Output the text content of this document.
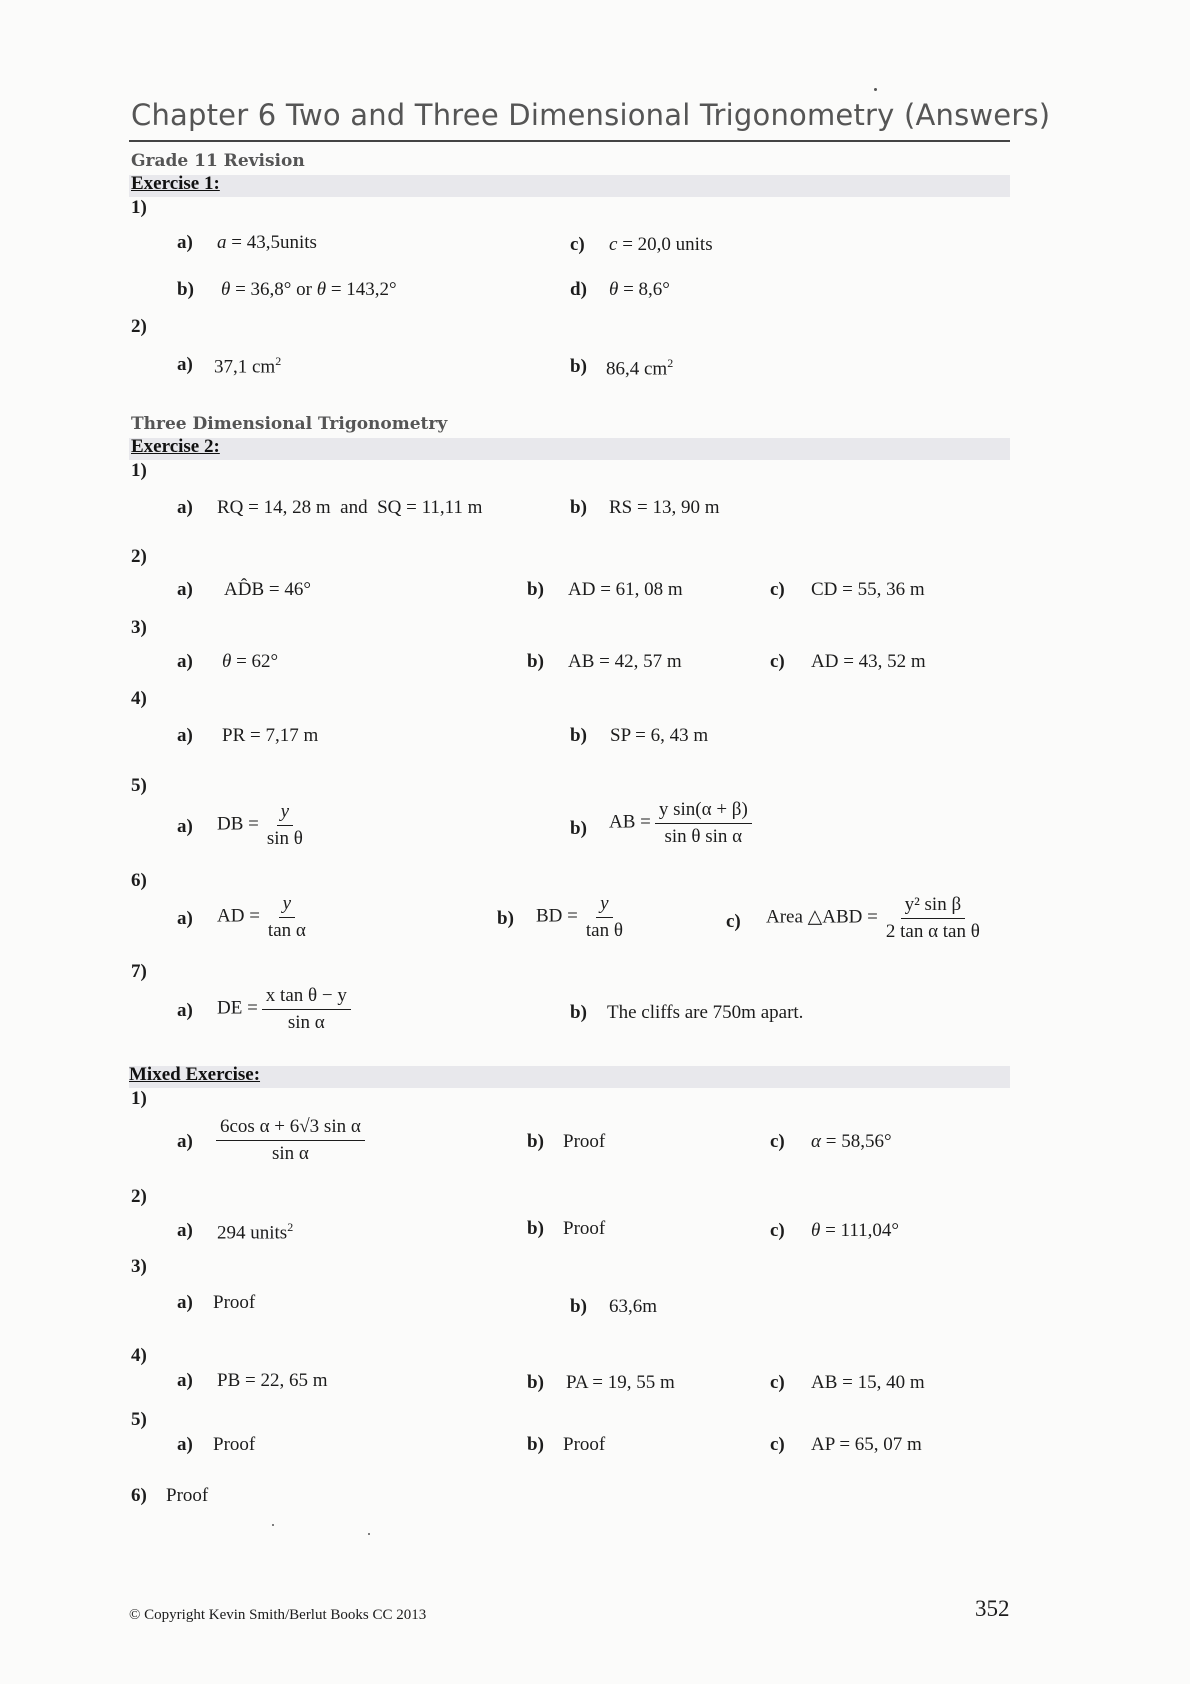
Chapter 6 Two and Three Dimensional Trigonometry (Answers)
Grade 11 Revision
Exercise 1:
1)
a) a = 43,5units	c) c = 20,0 units
b) θ = 36,8° or θ = 143,2°	d) θ = 8,6°
2)
a) 37,1 $cm^2$	b) 86,4 $cm^2$
Three Dimensional Trigonometry
Exercise 2:
1)
a) RQ = 14, 28 m and SQ = 11,11 m	b) RS = 13, 90 m
2)
a) AD̂B = 46°	b) AD = 61, 08 m	c) CD = 55, 36 m
3)
a) θ = 62°	b) AB = 42, 57 m	c) AD = 43, 52 m
4)
a) PR = 7,17 m	b) SP = 6, 43 m
5)
a) DB = $\frac{y}{\text{sin θ}}$	b) AB = $\frac{\text{y sin(α + β)}}{\text{sin θ sin α}}$
6)
a) AD = $\frac{y}{\text{tan α}}$	b) BD = $\frac{y}{\text{tan θ}}$	c) Area △ABD = $\frac{\text{y² sin β}}{\text{2 tan α tan θ}}$
7)
a) DE = $\frac{\text{x tan θ − y}}{\text{sin α}}$	b) The cliffs are 750m apart.
Mixed Exercise:
1)
$a) \frac{\text{6cos α + 6√3 sin α}}{\text{sin α}}$	b) Proof	c) α = 58,56°
2)
a) 294 units$^2$	b) Proof	c) θ = 111,04°
3)
a) Proof	b) 63,6m
4)
a) PB = 22, 65 m	b) PA = 19, 55 m	c) AB = 15, 40 m
5)
a) Proof	b) Proof	c) AP = 65, 07 m
6) Proof
© Copyright Kevin Smith/Berlut Books CC 2013	352
